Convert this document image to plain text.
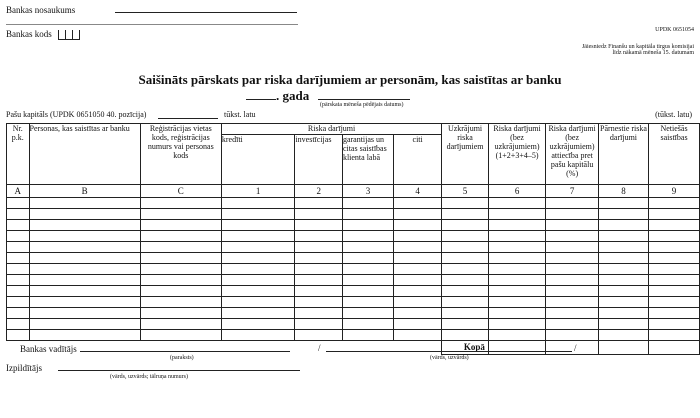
Bankas nosaukums
Bankas kods	UPDK 0651054
Jāiesniedz Finanšu un kapitāla tirgus komisijai
līdz nākamā mēneša 15. datumam
Saišināts pārskats par riska darījumiem ar personām, kas saistītas ar banku
. gada
(pārskata mēneša pēdējais datums)
Pašu kapitāls (UPDK 0651050 40. pozīcija)	tūkst. latu	(tūkst. latu)
Nr. p.k.	Personas, kas saistītas ar banku	Reģistrācijas vietas kods, reģistrācijas numurs vai personas kods	Riska darījumi				Uzkrājumi riska darījumiem	Riska darījumi (bez uzkrājumiem) (1+2+3+4–5)	Riska darījumi (bez uzkrājumiem) attiecība pret pašu kapitālu (%)	Pārnestie riska darījumi	Netiešās saistības
			kredīti	investīcijas	garantijas un citas saistības klienta labā	citi					
A	B	C	1	2	3	4	5	6	7	8	9

							Kopā				
Bankas vadītājs
(paraksts)
/	/
(vārds, uzvārds)
Izpildītājs
(vārds, uzvārds; tālruņa numurs)
